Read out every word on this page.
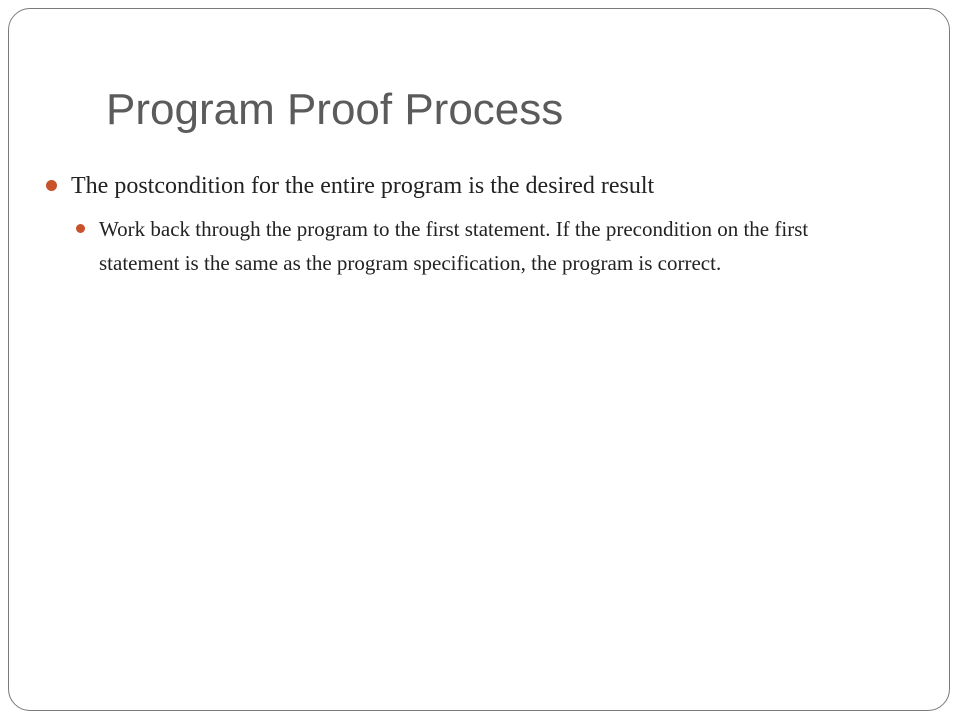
Program Proof Process
The postcondition for the entire program is the desired result
Work back through the program to the first statement. If the precondition on the first statement is the same as the program specification, the program is correct.
